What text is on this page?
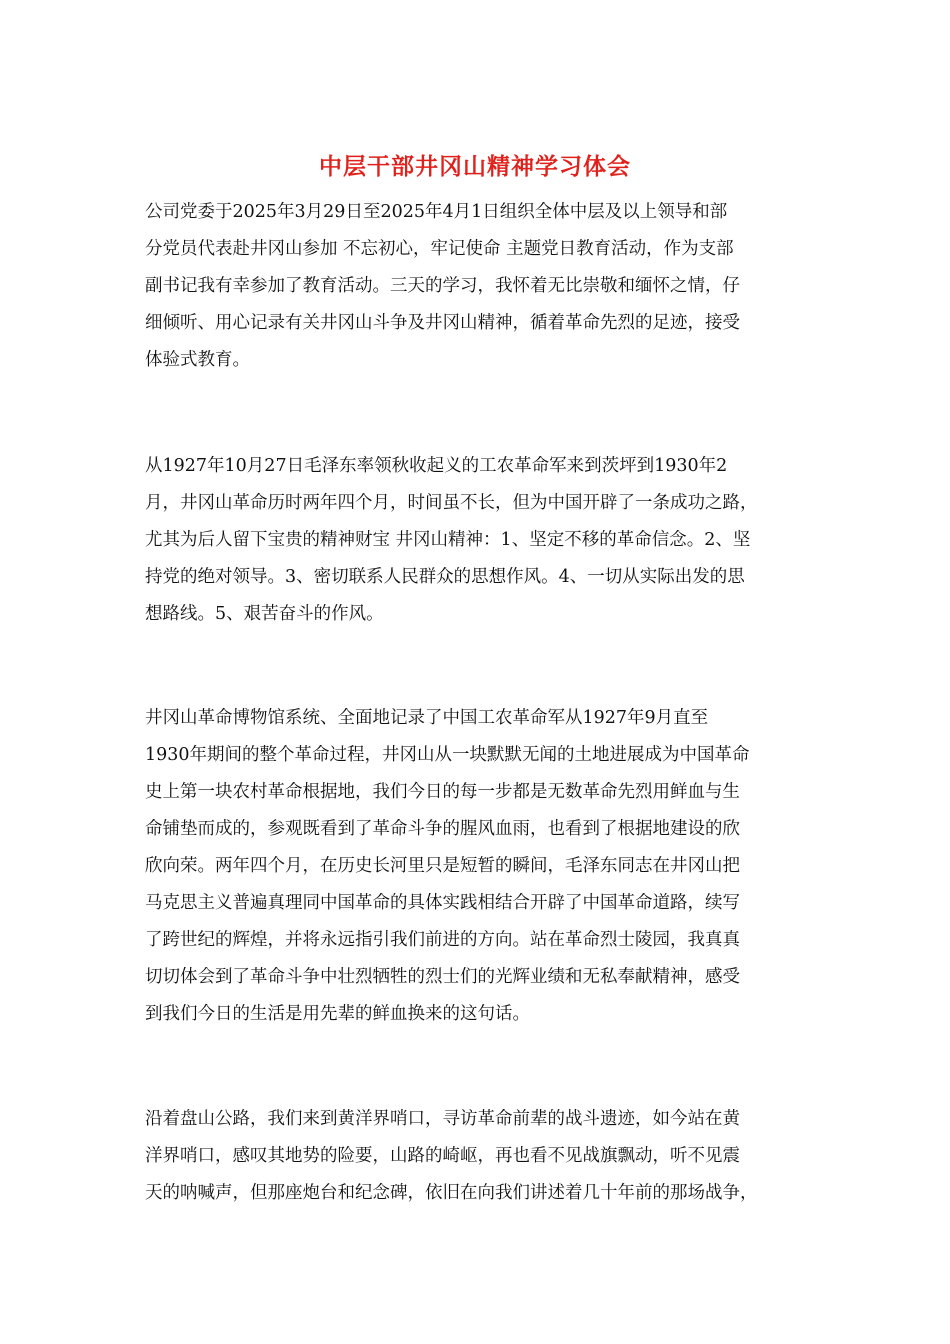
中层干部井冈山精神学习体会
公司党委于2025年3月29日至2025年4月1日组织全体中层及以上领导和部
分党员代表赴井冈山参加 不忘初心，牢记使命 主题党日教育活动，作为支部
副书记我有幸参加了教育活动。三天的学习，我怀着无比崇敬和缅怀之情，仔
细倾听、用心记录有关井冈山斗争及井冈山精神，循着革命先烈的足迹，接受
体验式教育。
从1927年10月27日毛泽东率领秋收起义的工农革命军来到茨坪到1930年2
月，井冈山革命历时两年四个月，时间虽不长，但为中国开辟了一条成功之路，
尤其为后人留下宝贵的精神财宝 井冈山精神：1、坚定不移的革命信念。2、坚
持党的绝对领导。3、密切联系人民群众的思想作风。4、一切从实际出发的思
想路线。5、艰苦奋斗的作风。
井冈山革命博物馆系统、全面地记录了中国工农革命军从1927年9月直至
1930年期间的整个革命过程，井冈山从一块默默无闻的土地进展成为中国革命
史上第一块农村革命根据地，我们今日的每一步都是无数革命先烈用鲜血与生
命铺垫而成的，参观既看到了革命斗争的腥风血雨，也看到了根据地建设的欣
欣向荣。两年四个月，在历史长河里只是短暂的瞬间，毛泽东同志在井冈山把
马克思主义普遍真理同中国革命的具体实践相结合开辟了中国革命道路，续写
了跨世纪的辉煌，并将永远指引我们前进的方向。站在革命烈士陵园，我真真
切切体会到了革命斗争中壮烈牺牲的烈士们的光辉业绩和无私奉献精神，感受
到我们今日的生活是用先辈的鲜血换来的这句话。
沿着盘山公路，我们来到黄洋界哨口，寻访革命前辈的战斗遗迹，如今站在黄
洋界哨口，感叹其地势的险要，山路的崎岖，再也看不见战旗飘动，听不见震
天的呐喊声，但那座炮台和纪念碑，依旧在向我们讲述着几十年前的那场战争，
